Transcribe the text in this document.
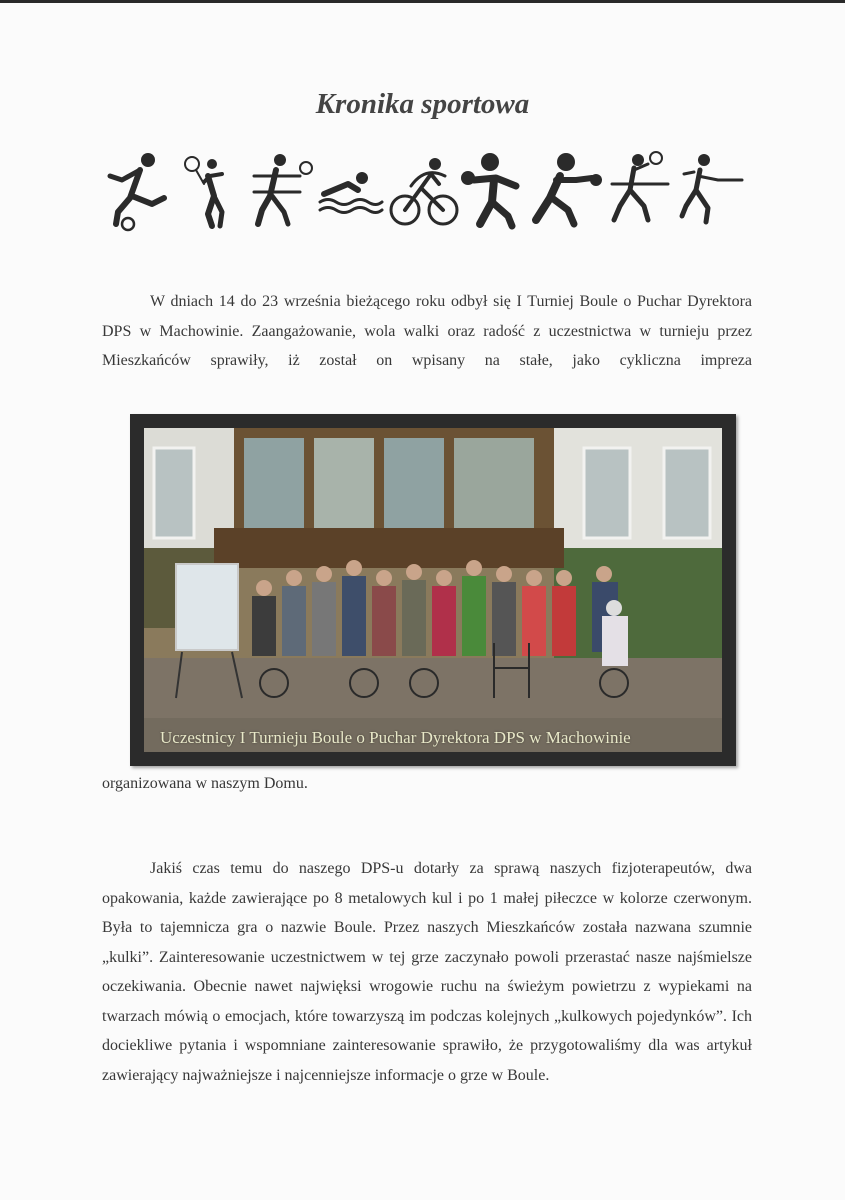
Kronika sportowa

W dniach 14 do 23 września bieżącego roku odbył się I Turniej Boule o Puchar Dyrektora DPS w Machowinie. Zaangażowanie, wola walki oraz radość z uczestnictwa w turnieju przez Mieszkańców sprawiły, iż został on wpisany na stałe, jako cykliczna impreza

Uczestnicy I Turnieju Boule o Puchar Dyrektora DPS w Machowinie

organizowana w naszym Domu.

Jakiś czas temu do naszego DPS-u dotarły za sprawą naszych fizjoterapeutów, dwa opakowania, każde zawierające po 8 metalowych kul i po 1 małej piłeczce w kolorze czerwonym. Była to tajemnicza gra o nazwie Boule. Przez naszych Mieszkańców została nazwana szumnie „kulki”. Zainteresowanie uczestnictwem w tej grze zaczynało powoli przerastać nasze najśmielsze oczekiwania. Obecnie nawet najwięksi wrogowie ruchu na świeżym powietrzu z wypiekami na twarzach mówią o emocjach, które towarzyszą im podczas kolejnych „kulkowych pojedynków”. Ich dociekliwe pytania i wspomniane zainteresowanie sprawiło, że przygotowaliśmy dla was artykuł zawierający najważniejsze i najcenniejsze informacje o grze w Boule.
